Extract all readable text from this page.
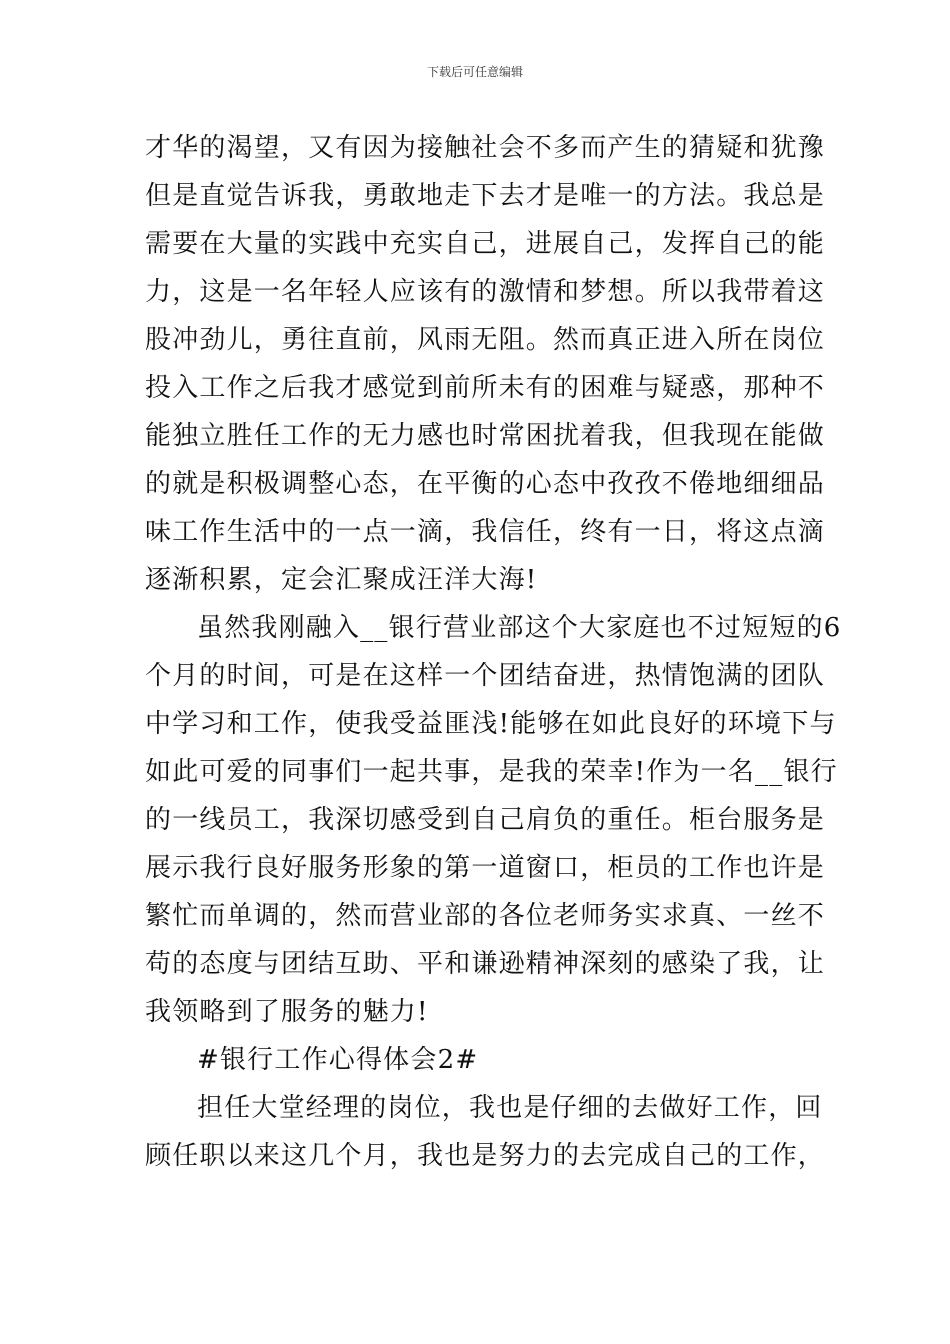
下载后可任意编辑
才华的渴望，又有因为接触社会不多而产生的猜疑和犹豫
但是直觉告诉我，勇敢地走下去才是唯一的方法。我总是
需要在大量的实践中充实自己，进展自己，发挥自己的能
力，这是一名年轻人应该有的激情和梦想。所以我带着这
股冲劲儿，勇往直前，风雨无阻。然而真正进入所在岗位
投入工作之后我才感觉到前所未有的困难与疑惑，那种不
能独立胜任工作的无力感也时常困扰着我，但我现在能做
的就是积极调整心态，在平衡的心态中孜孜不倦地细细品
味工作生活中的一点一滴，我信任，终有一日，将这点滴
逐渐积累，定会汇聚成汪洋大海!
虽然我刚融入__银行营业部这个大家庭也不过短短的6
个月的时间，可是在这样一个团结奋进，热情饱满的团队
中学习和工作，使我受益匪浅!能够在如此良好的环境下与
如此可爱的同事们一起共事，是我的荣幸!作为一名__银行
的一线员工，我深切感受到自己肩负的重任。柜台服务是
展示我行良好服务形象的第一道窗口，柜员的工作也许是
繁忙而单调的，然而营业部的各位老师务实求真、一丝不
苟的态度与团结互助、平和谦逊精神深刻的感染了我，让
我领略到了服务的魅力!
#银行工作心得体会2#
担任大堂经理的岗位，我也是仔细的去做好工作，回
顾任职以来这几个月，我也是努力的去完成自己的工作，
